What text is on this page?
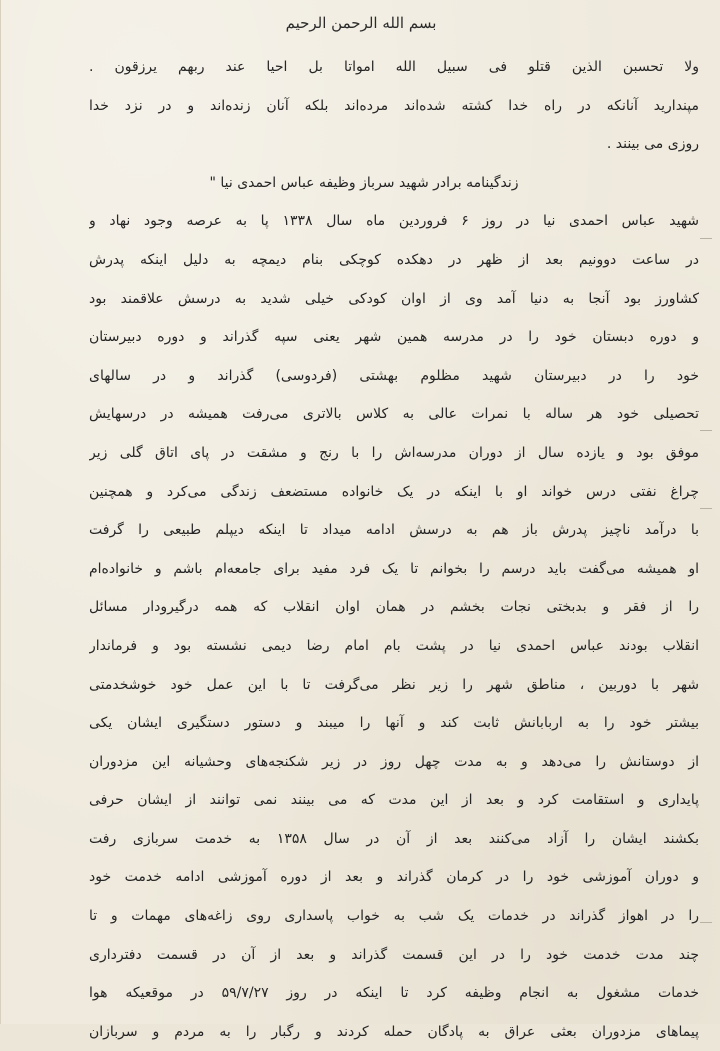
بسم الله الرحمن الرحیم
ولا تحسبن الذین قتلو فی سبیل الله امواتا بل احیا عند ربهم یرزقون .
مپندارید آنانکه در راه خدا کشته شده‌اند مرده‌اند بلکه آنان زنده‌اند و در نزد خدا
روزی می بینند .
زندگینامه برادر شهید سرباز وظیفه عباس احمدی نیا "
شهید عباس احمدی نیا در روز ۶ فروردین ماه سال ۱۳۳۸ پا به عرصه وجود نهاد و
در ساعت دوونیم بعد از ظهر در دهکده کوچکی بنام دیمچه به دلیل اینکه پدرش
کشاورز بود آنجا به دنیا آمد وی از اوان کودکی خیلی شدید به درسش علاقمند بود
و دوره دبستان خود را در مدرسه همین شهر یعنی سپه گذراند و دوره دبیرستان
خود را در دبیرستان شهید مظلوم بهشتی (فردوسی) گذراند و در سالهای
تحصیلی خود هر ساله با نمرات عالی به کلاس بالاتری می‌رفت همیشه در درسهایش
موفق بود و یازده سال از دوران مدرسه‌اش را با رنج و مشقت در پای اتاق گلی زیر
چراغ نفتی درس خواند او با اینکه در یک خانواده مستضعف زندگی می‌کرد و همچنین
با درآمد ناچیز پدرش باز هم به درسش ادامه میداد تا اینکه دیپلم طبیعی را گرفت
او همیشه می‌گفت باید درسم را بخوانم تا یک فرد مفید برای جامعه‌ام باشم و خانواده‌ام
را از فقر و بدبختی نجات بخشم در همان اوان انقلاب که همه درگیرودار مسائل
انقلاب بودند عباس احمدی نیا در پشت بام امام رضا دیمی نشسته بود و فرماندار
شهر با دوربین ، مناطق شهر را زیر نظر می‌گرفت تا با این عمل خود خوشخدمتی
بیشتر خود را به اربابانش ثابت کند و آنها را میبند و دستور دستگیری ایشان یکی
از دوستانش را می‌دهد و به مدت چهل روز در زیر شکنجه‌های وحشیانه این مزدوران
پایداری و استقامت کرد و بعد از این مدت که می بینند نمی توانند از ایشان حرفی
بکشند ایشان را آزاد می‌کنند بعد از آن در سال ۱۳۵۸ به خدمت سربازی رفت
و دوران آموزشی خود را در کرمان گذراند و بعد از دوره آموزشی ادامه خدمت خود
را در اهواز گذراند در خدمات یک شب به خواب پاسداری روی زاغه‌های مهمات و تا
چند مدت خدمت خود را در این قسمت گذراند و بعد از آن در قسمت دفترداری
خدمات مشغول به انجام وظیفه کرد تا اینکه در روز ۵۹/۷/۲۷ در موقعیکه هوا
پیماهای مزدوران بعثی عراق به پادگان حمله کردند و رگبار را به مردم و سربازان
